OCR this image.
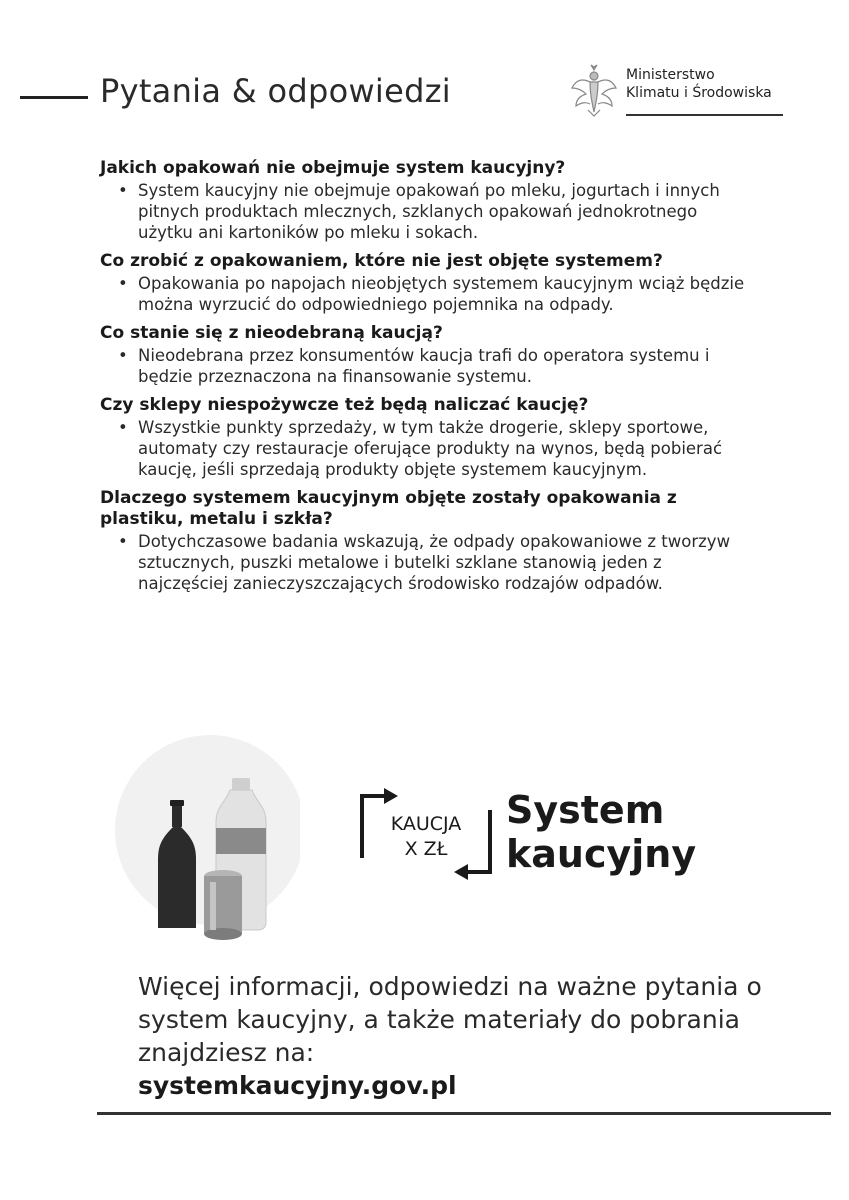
Pytania & odpowiedzi	Ministerstwo
Klimatu i Środowiska

Jakich opakowań nie obejmuje system kaucyjny?

• System kaucyjny nie obejmuje opakowań po mleku, jogurtach i innych pitnych produktach mlecznych, szklanych opakowań jednokrotnego użytku ani kartoników po mleku i sokach.

Co zrobić z opakowaniem, które nie jest objęte systemem?

• Opakowania po napojach nieobjętych systemem kaucyjnym wciąż będzie można wyrzucić do odpowiedniego pojemnika na odpady.

Co stanie się z nieodebraną kaucją?

• Nieodebrana przez konsumentów kaucja trafi do operatora systemu i będzie przeznaczona na finansowanie systemu.

Czy sklepy niespożywcze też będą naliczać kaucję?

• Wszystkie punkty sprzedaży, w tym także drogerie, sklepy sportowe, automaty czy restauracje oferujące produkty na wynos, będą pobierać kaucję, jeśli sprzedają produkty objęte systemem kaucyjnym.

Dlaczego systemem kaucyjnym objęte zostały opakowania z plastiku, metalu i szkła?

• Dotychczasowe badania wskazują, że odpady opakowaniowe z tworzyw sztucznych, puszki metalowe i butelki szklane stanowią jeden z najczęściej zanieczyszczających środowisko rodzajów odpadów.

KAUCJA
X ZŁ
System
kaucyjny
Więcej informacji, odpowiedzi na ważne pytania o system kaucyjny, a także materiały do pobrania znajdziesz na:
systemkaucyjny.gov.pl
